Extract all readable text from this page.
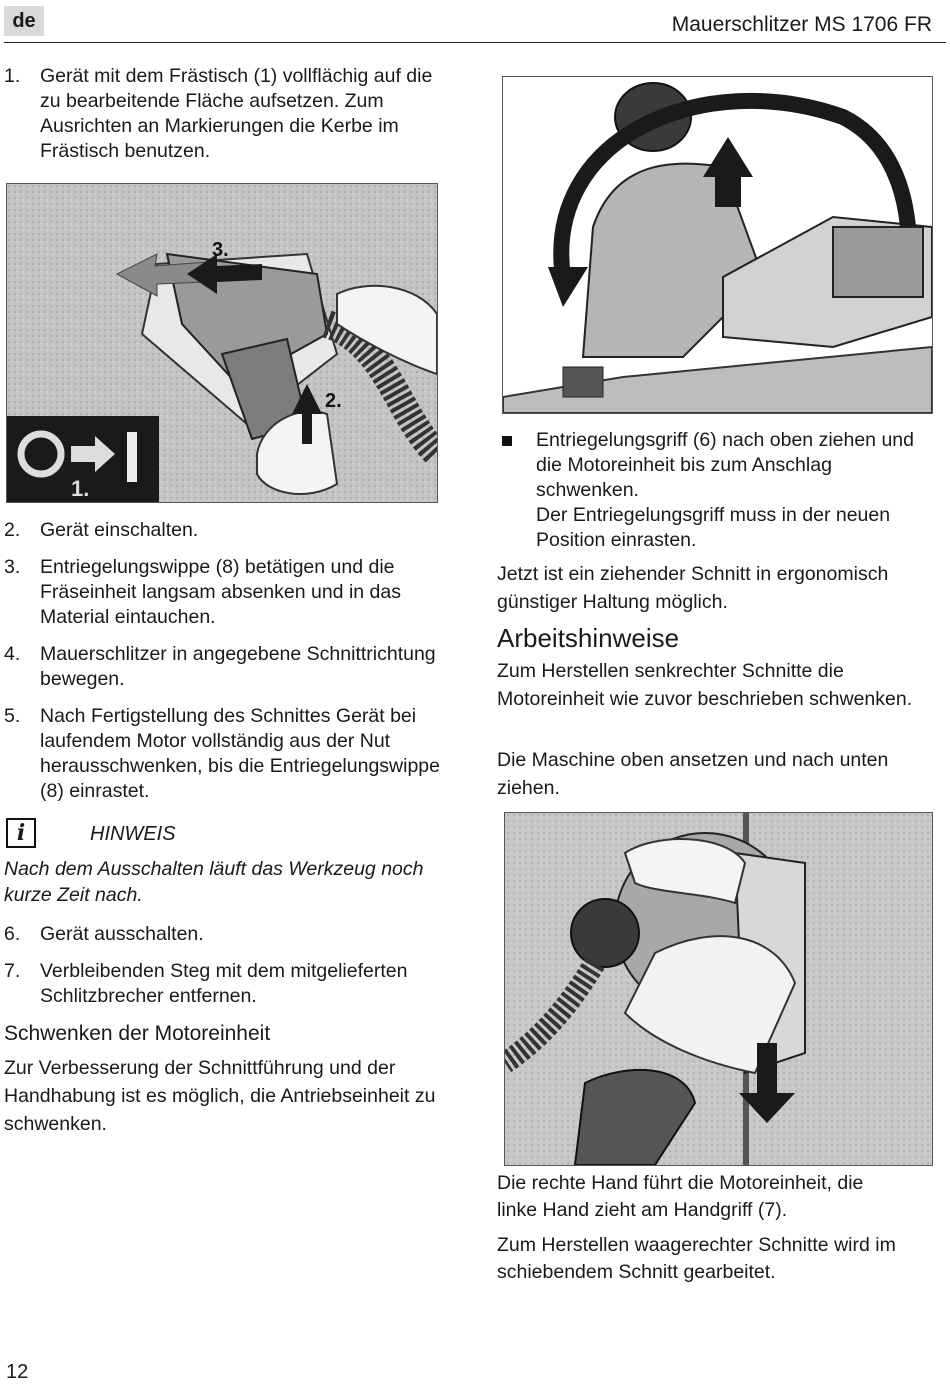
de	Mauerschlitzer MS 1706 FR
1.	Gerät mit dem Frästisch (1) vollflächig auf die zu bearbeitende Fläche aufsetzen. Zum Ausrichten an Markierungen die Kerbe im Frästisch benutzen.
3.
2.
1.
2.	Gerät einschalten.
3.	Entriegelungswippe (8) betätigen und die Fräseinheit langsam absenken und in das Material eintauchen.
4.	Mauerschlitzer in angegebene Schnittrichtung bewegen.
5.	Nach Fertigstellung des Schnittes Gerät bei laufendem Motor vollständig aus der Nut herausschwenken, bis die Entriegelungswippe (8) einrastet.
i	HINWEIS
Nach dem Ausschalten läuft das Werkzeug noch kurze Zeit nach.
6.	Gerät ausschalten.
7.	Verbleibenden Steg mit dem mitgelieferten Schlitzbrecher entfernen.
Schwenken der Motoreinheit
Zur Verbesserung der Schnittführung und der Handhabung ist es möglich, die Antriebseinheit zu schwenken.
Entriegelungsgriff (6) nach oben ziehen und die Motoreinheit bis zum Anschlag schwenken.
Der Entriegelungsgriff muss in der neuen Position einrasten.
Jetzt ist ein ziehender Schnitt in ergonomisch günstiger Haltung möglich.
Arbeitshinweise
Zum Herstellen senkrechter Schnitte die Motoreinheit wie zuvor beschrieben schwenken.
Die Maschine oben ansetzen und nach unten ziehen.
Die rechte Hand führt die Motoreinheit, die linke Hand zieht am Handgriff (7).
Zum Herstellen waagerechter Schnitte wird im schiebendem Schnitt gearbeitet.
12
